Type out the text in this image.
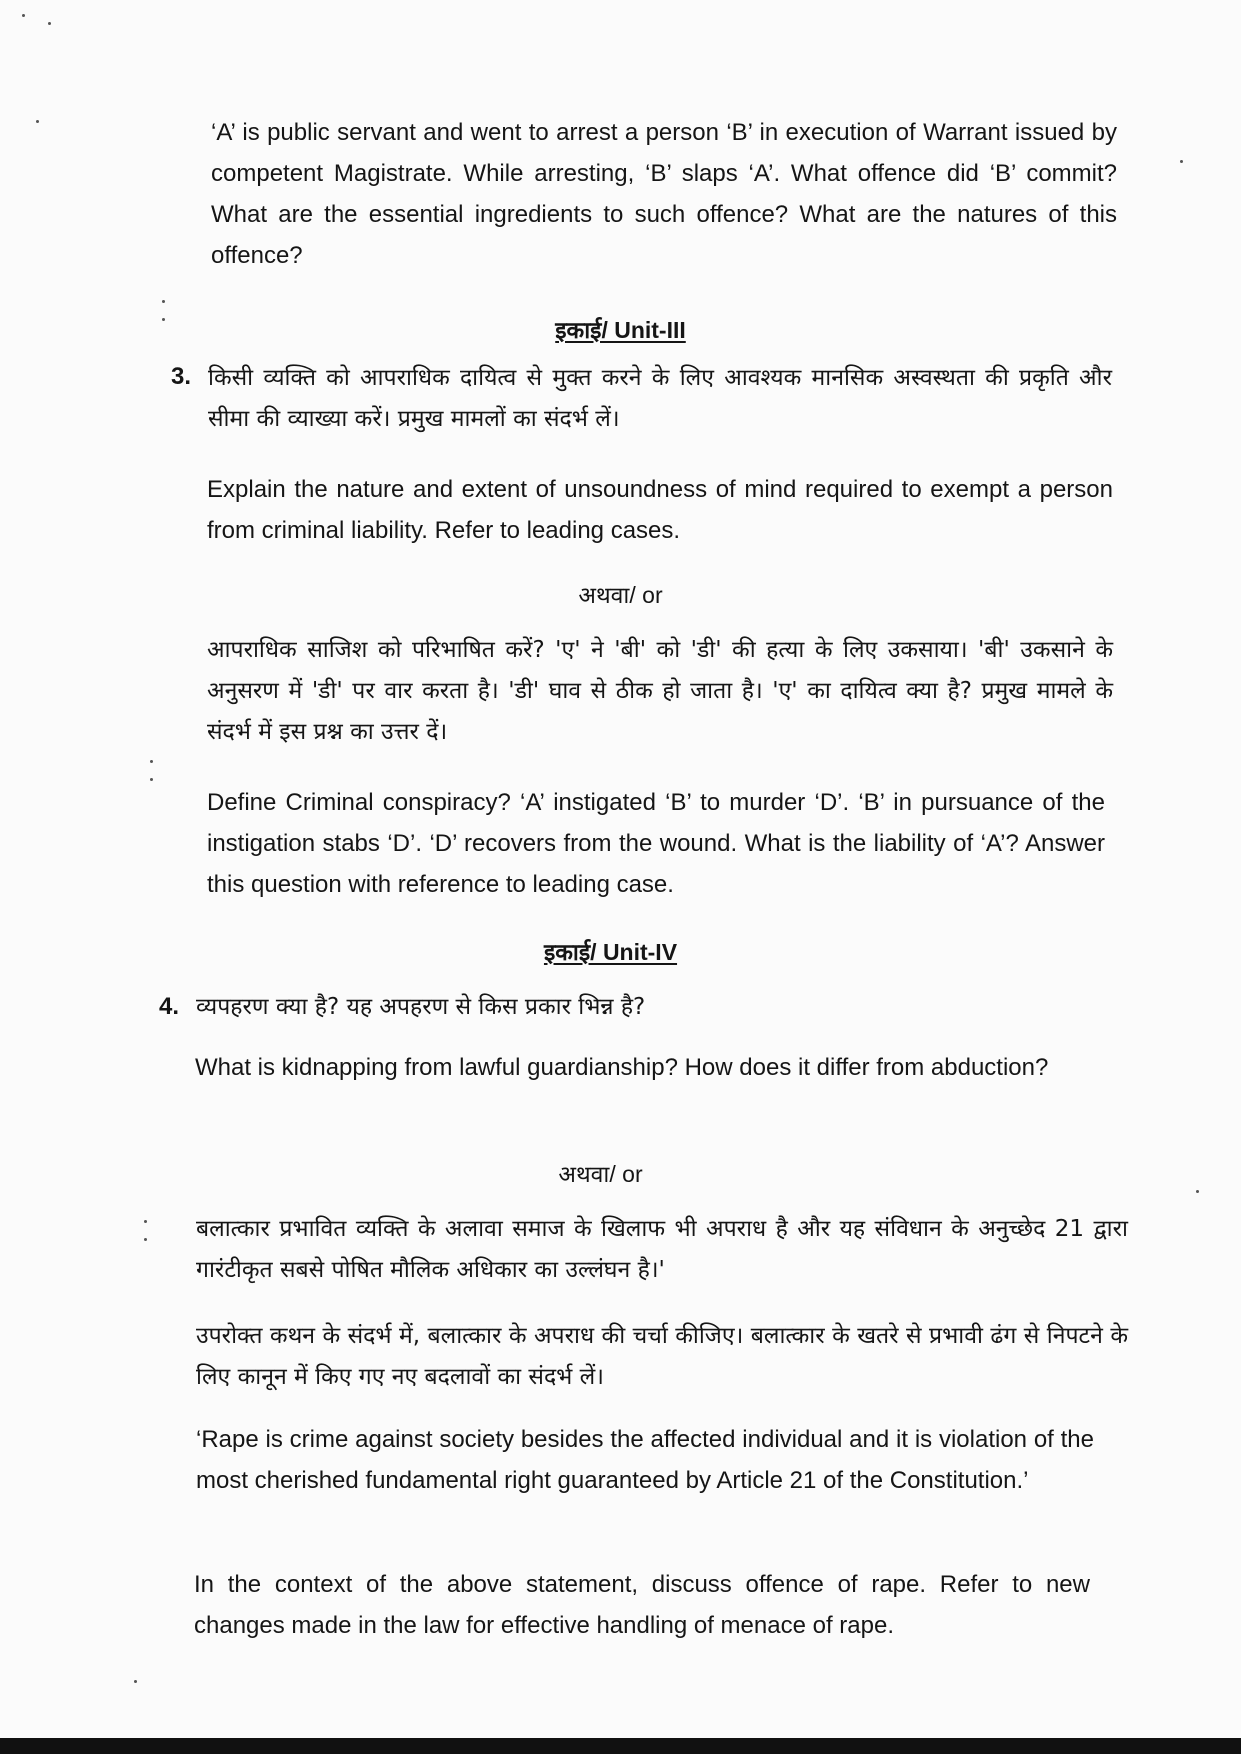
‘A’ is public servant and went to arrest a person ‘B’ in execution of Warrant issued by competent Magistrate. While arresting, ‘B’ slaps ‘A’. What offence did ‘B’ commit? What are the essential ingredients to such offence? What are the natures of this offence?

इकाई/ Unit-III
3. किसी व्यक्ति को आपराधिक दायित्व से मुक्त करने के लिए आवश्यक मानसिक अस्वस्थता की प्रकृति और सीमा की व्याख्या करें। प्रमुख मामलों का संदर्भ लें।

Explain the nature and extent of unsoundness of mind required to exempt a person from criminal liability. Refer to leading cases.

अथवा/ or

आपराधिक साजिश को परिभाषित करें? 'ए' ने 'बी' को 'डी' की हत्या के लिए उकसाया। 'बी' उकसाने के अनुसरण में 'डी' पर वार करता है। 'डी' घाव से ठीक हो जाता है। 'ए' का दायित्व क्या है? प्रमुख मामले के संदर्भ में इस प्रश्न का उत्तर दें।

Define Criminal conspiracy? ‘A’ instigated ‘B’ to murder ‘D’. ‘B’ in pursuance of the instigation stabs ‘D’. ‘D’ recovers from the wound. What is the liability of ‘A’? Answer this question with reference to leading case.

इकाई/ Unit-IV
4. व्यपहरण क्या है? यह अपहरण से किस प्रकार भिन्न है?

What is kidnapping from lawful guardianship? How does it differ from abduction?

अथवा/ or

बलात्कार प्रभावित व्यक्ति के अलावा समाज के खिलाफ भी अपराध है और यह संविधान के अनुच्छेद 21 द्वारा गारंटीकृत सबसे पोषित मौलिक अधिकार का उल्लंघन है।'

उपरोक्त कथन के संदर्भ में, बलात्कार के अपराध की चर्चा कीजिए। बलात्कार के खतरे से प्रभावी ढंग से निपटने के लिए कानून में किए गए नए बदलावों का संदर्भ लें।

‘Rape is crime against society besides the affected individual and it is violation of the most cherished fundamental right guaranteed by Article 21 of the Constitution.’

In the context of the above statement, discuss offence of rape. Refer to new changes made in the law for effective handling of menace of rape.
